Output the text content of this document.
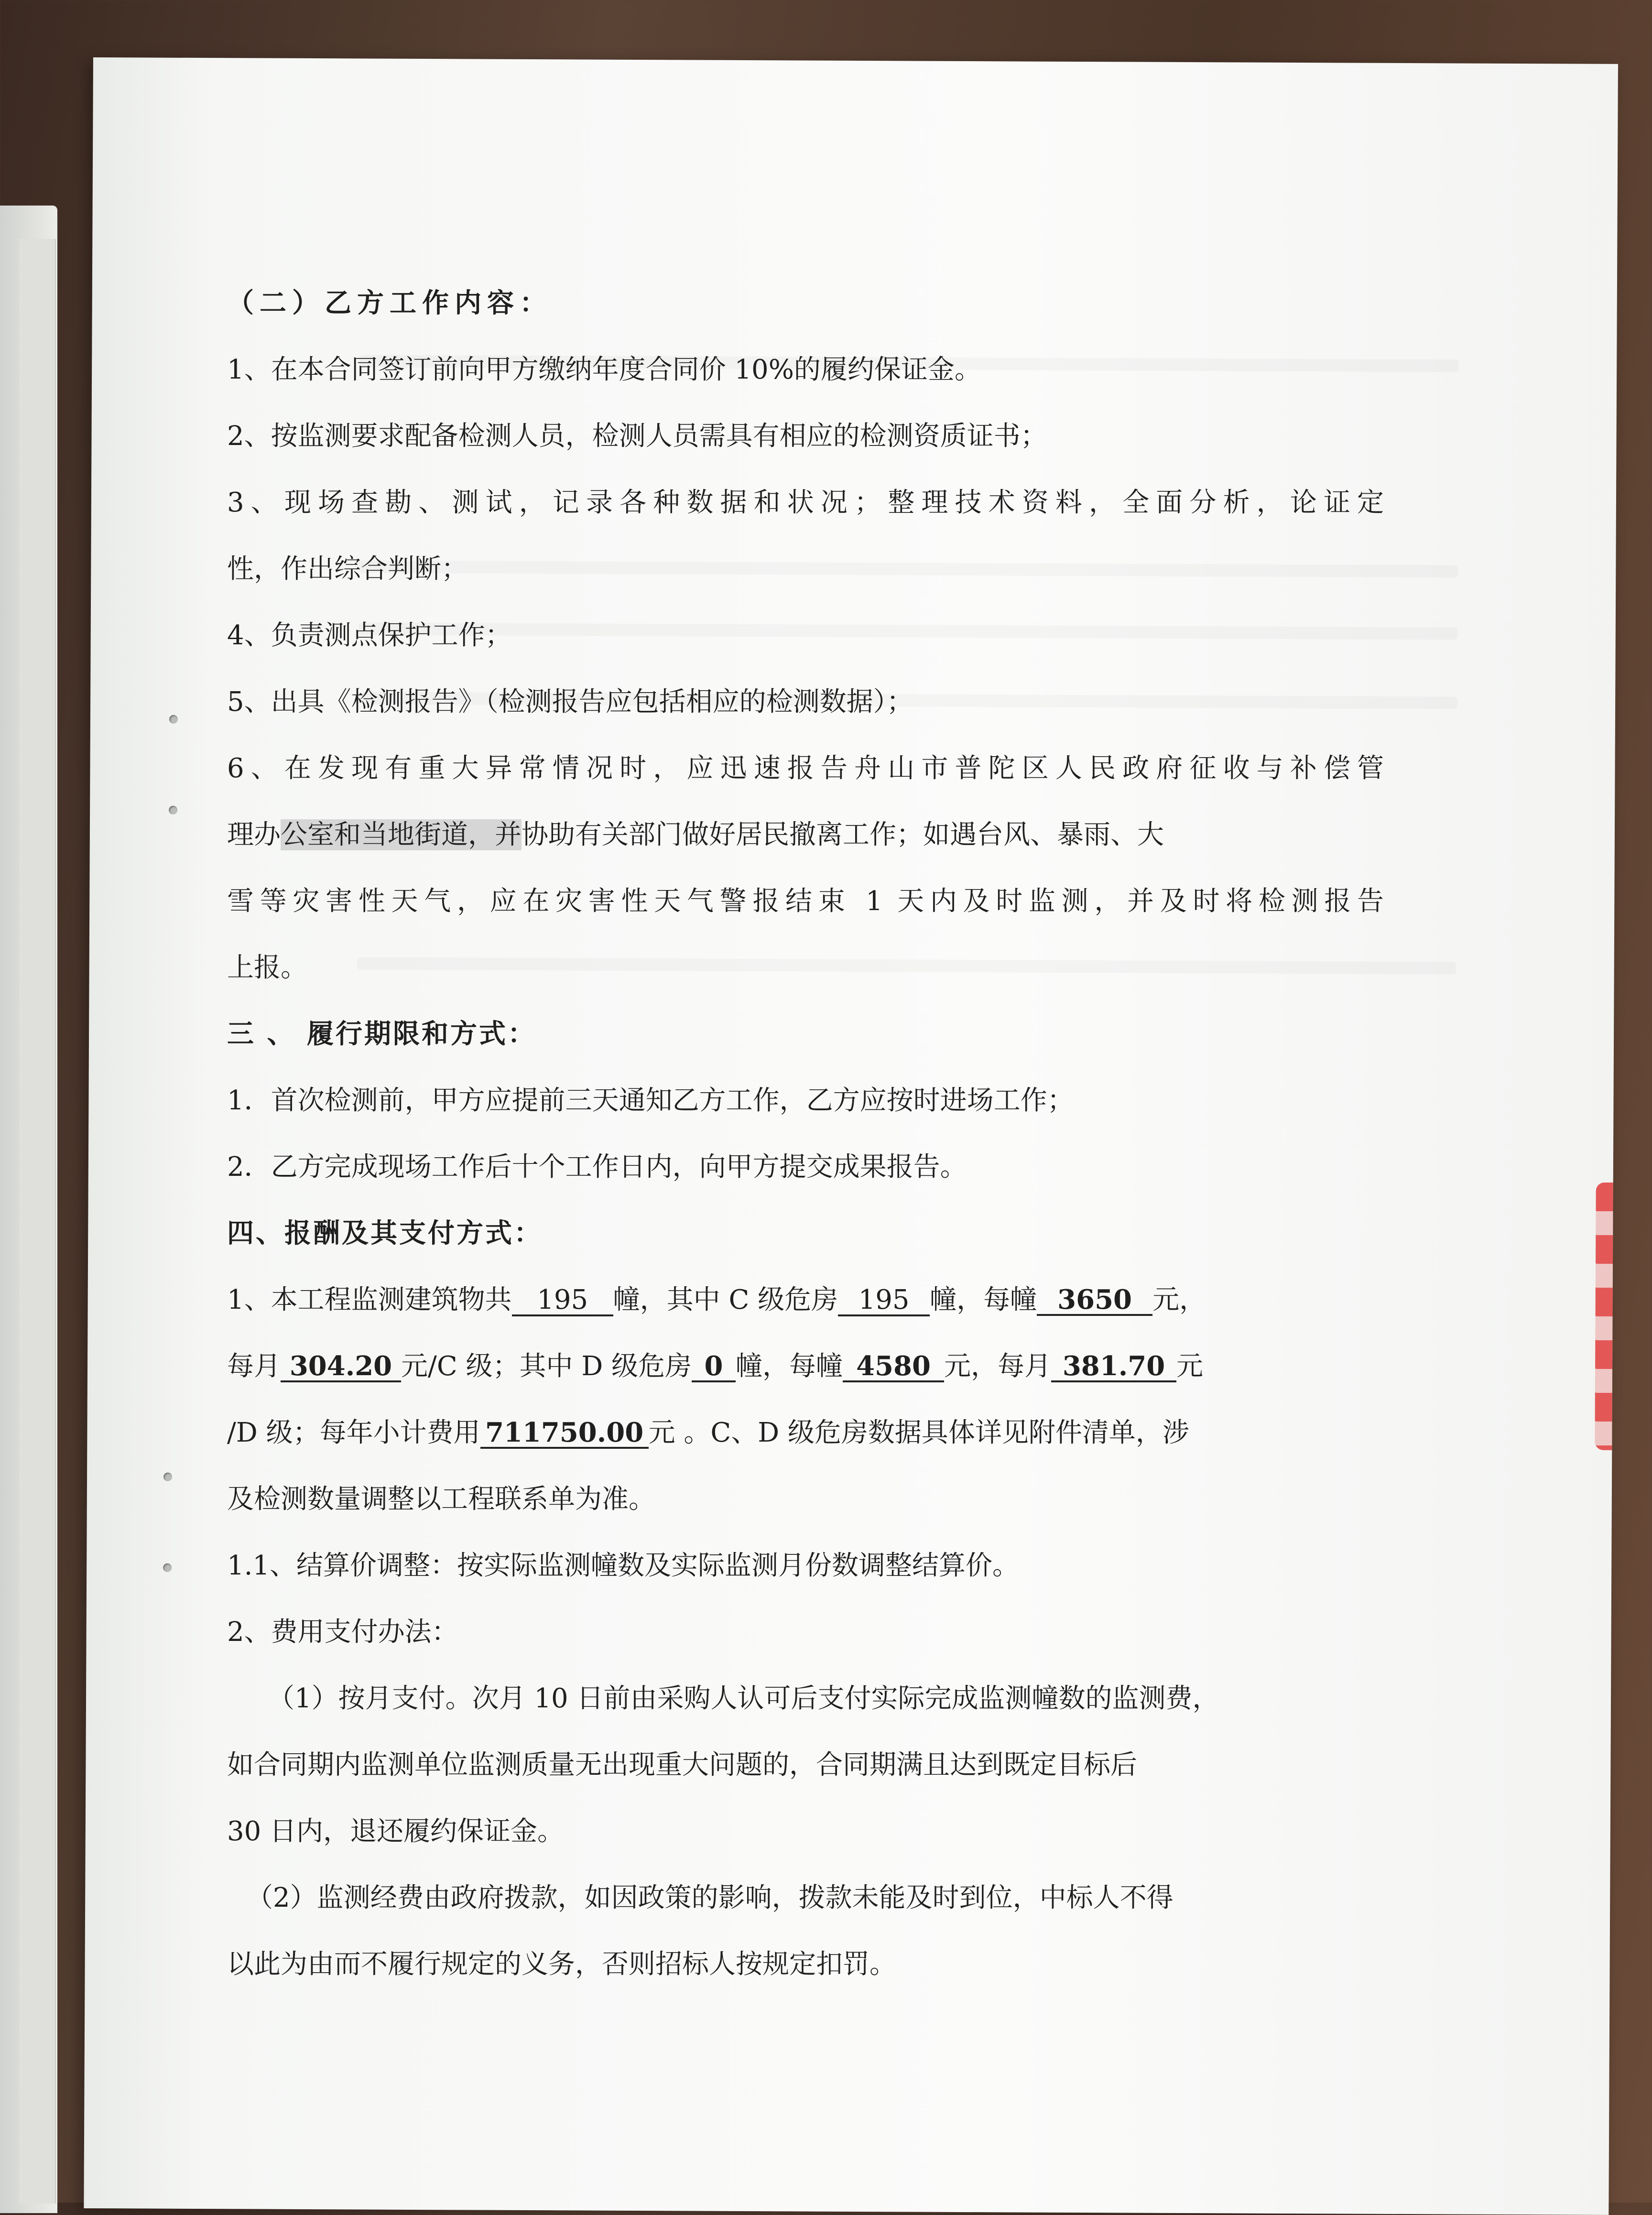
（二）乙方工作内容：
1、在本合同签订前向甲方缴纳年度合同价 10%的履约保证金。
2、按监测要求配备检测人员，检测人员需具有相应的检测资质证书；
3、现场查勘、测试，记录各种数据和状况；整理技术资料，全面分析，论证定
性，作出综合判断；
4、负责测点保护工作；
5、出具《检测报告》（检测报告应包括相应的检测数据）；
6、在发现有重大异常情况时，应迅速报告舟山市普陀区人民政府征收与补偿管
理办公室和当地街道，并协助有关部门做好居民撤离工作；如遇台风、暴雨、大
雪等灾害性天气，应在灾害性天气警报结束 1 天内及时监测，并及时将检测报告
上报。
三 、 履行期限和方式：
1．首次检测前，甲方应提前三天通知乙方工作，乙方应按时进场工作；
2．乙方完成现场工作后十个工作日内，向甲方提交成果报告。
四、报酬及其支付方式：
1、本工程监测建筑物共 195 幢，其中 C 级危房 195 幢，每幢 3650 元，
每月 304.20 元/C 级；其中 D 级危房 0 幢，每幢 4580 元，每月 381.70 元
/D 级；每年小计费用 711750.00 元 。C、D 级危房数据具体详见附件清单，涉
及检测数量调整以工程联系单为准。
1.1、结算价调整：按实际监测幢数及实际监测月份数调整结算价。
2、费用支付办法：
（1）按月支付。次月 10 日前由采购人认可后支付实际完成监测幢数的监测费，
如合同期内监测单位监测质量无出现重大问题的，合同期满且达到既定目标后
30 日内，退还履约保证金。
（2）监测经费由政府拨款，如因政策的影响，拨款未能及时到位，中标人不得
以此为由而不履行规定的义务，否则招标人按规定扣罚。
